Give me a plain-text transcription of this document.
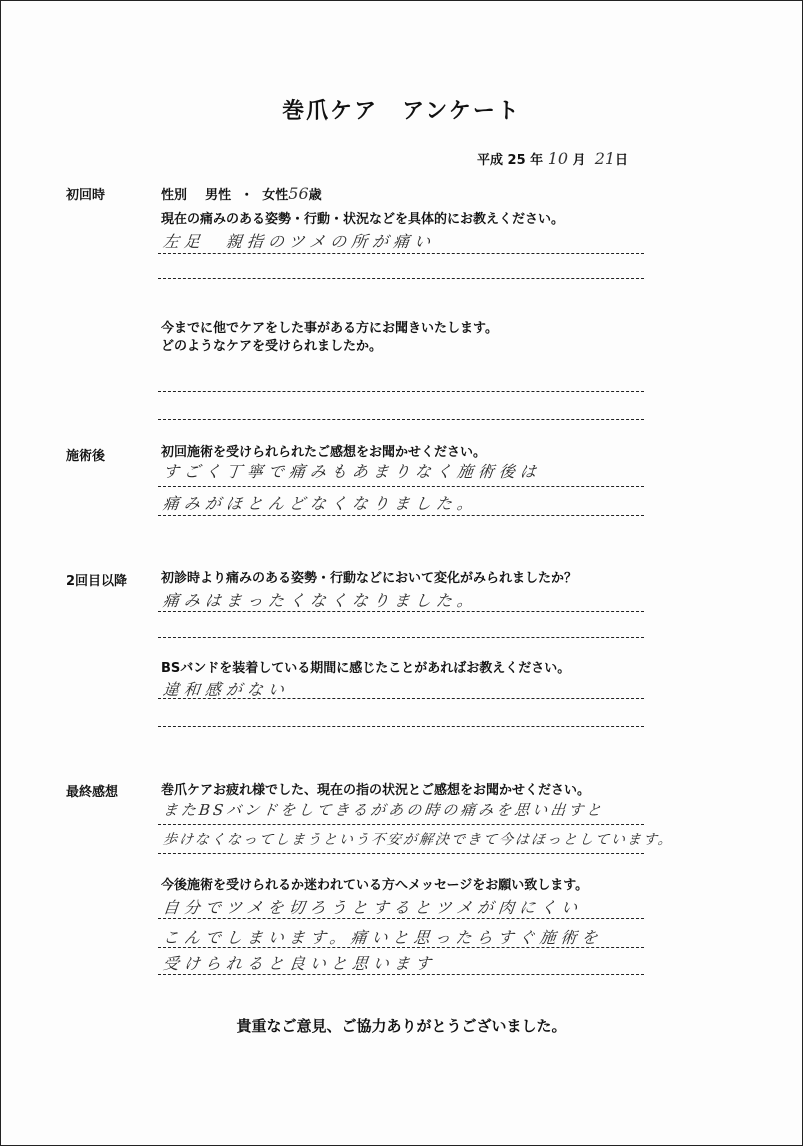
巻爪ケア　アンケート
平成 25 年 10 月 21日
初回時	性別 男性 ・ 女性56歳
現在の痛みのある姿勢・行動・状況などを具体的にお教えください。
左足　親指のツメの所が痛い
今までに他でケアをした事がある方にお聞きいたします。
どのようなケアを受けられましたか。
施術後	初回施術を受けられられたご感想をお聞かせください。
すごく丁寧で痛みもあまりなく施術後は
痛みがほとんどなくなりました。
2回目以降	初診時より痛みのある姿勢・行動などにおいて変化がみられましたか？
痛みはまったくなくなりました。
BSバンドを装着している期間に感じたことがあればお教えください。
違和感がない
最終感想	巻爪ケアお疲れ様でした、現在の指の状況とご感想をお聞かせください。
またBSバンドをしてきるがあの時の痛みを思い出すと
歩けなくなってしまうという不安が解決できて今はほっとしています。
今後施術を受けられるか迷われている方へメッセージをお願い致します。
自分でツメを切ろうとするとツメが肉にくい
こんでしまいます。痛いと思ったらすぐ施術を
受けられると良いと思います
貴重なご意見、ご協力ありがとうございました。
